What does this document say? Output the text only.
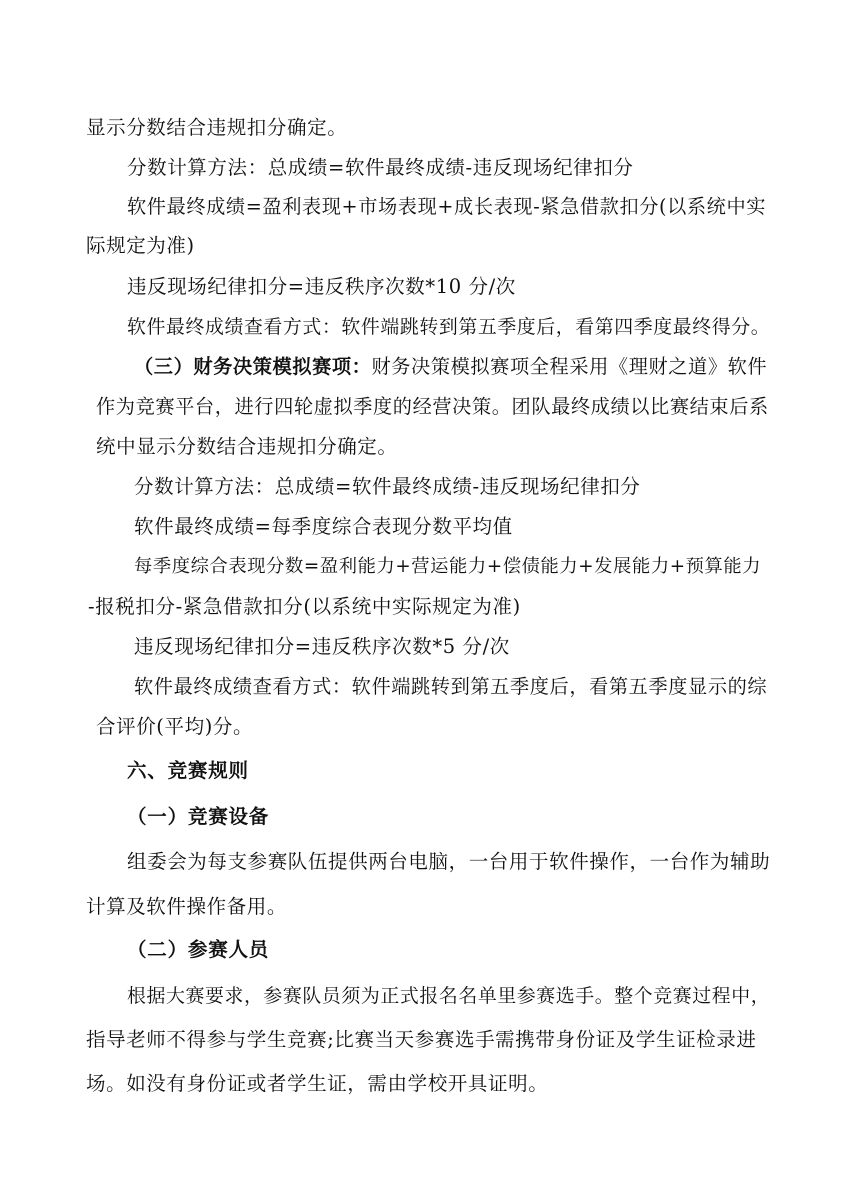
显示分数结合违规扣分确定。

分数计算方法：总成绩=软件最终成绩-违反现场纪律扣分

软件最终成绩=盈利表现+市场表现+成长表现-紧急借款扣分(以系统中实

际规定为准)

违反现场纪律扣分=违反秩序次数*10 分/次

软件最终成绩查看方式：软件端跳转到第五季度后，看第四季度最终得分。

（三）财务决策模拟赛项：财务决策模拟赛项全程采用《理财之道》软件

作为竞赛平台，进行四轮虚拟季度的经营决策。团队最终成绩以比赛结束后系

统中显示分数结合违规扣分确定。

分数计算方法：总成绩=软件最终成绩-违反现场纪律扣分

软件最终成绩=每季度综合表现分数平均值

每季度综合表现分数=盈利能力+营运能力+偿债能力+发展能力+预算能力

-报税扣分-紧急借款扣分(以系统中实际规定为准)

违反现场纪律扣分=违反秩序次数*5 分/次

软件最终成绩查看方式：软件端跳转到第五季度后，看第五季度显示的综

合评价(平均)分。

六、竞赛规则

（一）竞赛设备

组委会为每支参赛队伍提供两台电脑，一台用于软件操作，一台作为辅助

计算及软件操作备用。

（二）参赛人员

根据大赛要求，参赛队员须为正式报名名单里参赛选手。整个竞赛过程中，

指导老师不得参与学生竞赛;比赛当天参赛选手需携带身份证及学生证检录进

场。如没有身份证或者学生证，需由学校开具证明。
